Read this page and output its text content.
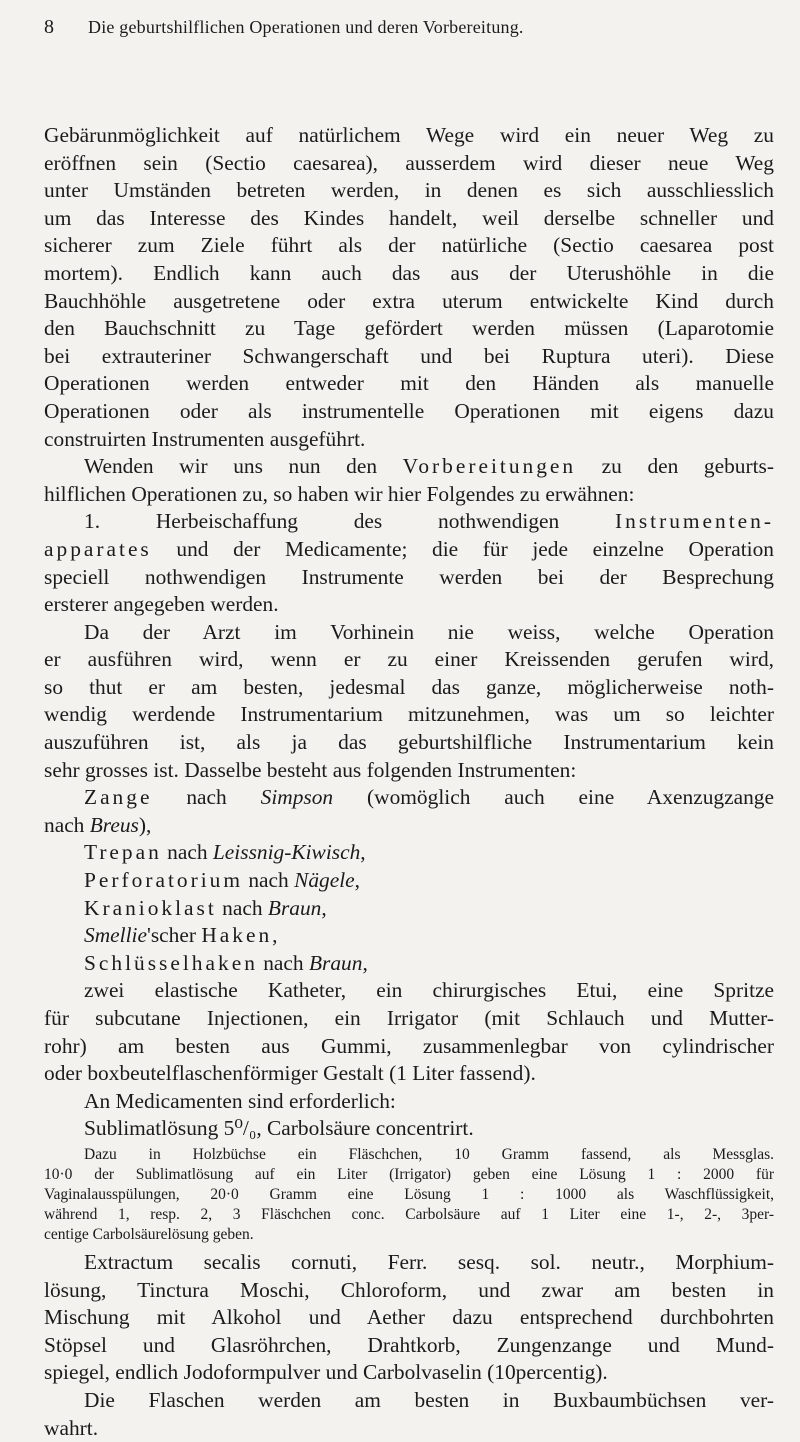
8 Die geburtshilflichen Operationen und deren Vorbereitung.
Gebärunmöglichkeit auf natürlichem Wege wird ein neuer Weg zu
eröffnen sein (Sectio caesarea), ausserdem wird dieser neue Weg
unter Umständen betreten werden, in denen es sich ausschliesslich
um das Interesse des Kindes handelt, weil derselbe schneller und
sicherer zum Ziele führt als der natürliche (Sectio caesarea post
mortem). Endlich kann auch das aus der Uterushöhle in die
Bauchhöhle ausgetretene oder extra uterum entwickelte Kind durch
den Bauchschnitt zu Tage gefördert werden müssen (Laparotomie
bei extrauteriner Schwangerschaft und bei Ruptura uteri). Diese
Operationen werden entweder mit den Händen als manuelle
Operationen oder als instrumentelle Operationen mit eigens dazu
construirten Instrumenten ausgeführt.
Wenden wir uns nun den Vorbereitungen zu den geburts-
hilflichen Operationen zu, so haben wir hier Folgendes zu erwähnen:
1. Herbeischaffung des nothwendigen Instrumenten-
apparates und der Medicamente; die für jede einzelne Operation
speciell nothwendigen Instrumente werden bei der Besprechung
ersterer angegeben werden.
Da der Arzt im Vorhinein nie weiss, welche Operation
er ausführen wird, wenn er zu einer Kreissenden gerufen wird,
so thut er am besten, jedesmal das ganze, möglicherweise noth-
wendig werdende Instrumentarium mitzunehmen, was um so leichter
auszuführen ist, als ja das geburtshilfliche Instrumentarium kein
sehr grosses ist. Dasselbe besteht aus folgenden Instrumenten:
Zange nach Simpson (womöglich auch eine Axenzugzange
nach Breus),
Trepan nach Leissnig-Kiwisch,
Perforatorium nach Nägele,
Kranioklast nach Braun,
Smellie'scher Haken,
Schlüsselhaken nach Braun,
zwei elastische Katheter, ein chirurgisches Etui, eine Spritze
für subcutane Injectionen, ein Irrigator (mit Schlauch und Mutter-
rohr) am besten aus Gummi, zusammenlegbar von cylindrischer
oder boxbeutelflaschenförmiger Gestalt (1 Liter fassend).
An Medicamenten sind erforderlich:
Sublimatlösung 5⁰/₀, Carbolsäure concentrirt.
Dazu in Holzbüchse ein Fläschchen, 10 Gramm fassend, als Messglas.
10·0 der Sublimatlösung auf ein Liter (Irrigator) geben eine Lösung 1 : 2000 für
Vaginalausspülungen, 20·0 Gramm eine Lösung 1 : 1000 als Waschflüssigkeit,
während 1, resp. 2, 3 Fläschchen conc. Carbolsäure auf 1 Liter eine 1-, 2-, 3per-
centige Carbolsäurelösung geben.
Extractum secalis cornuti, Ferr. sesq. sol. neutr., Morphium-
lösung, Tinctura Moschi, Chloroform, und zwar am besten in
Mischung mit Alkohol und Aether dazu entsprechend durchbohrten
Stöpsel und Glasröhrchen, Drahtkorb, Zungenzange und Mund-
spiegel, endlich Jodoformpulver und Carbolvaselin (10percentig).
Die Flaschen werden am besten in Buxbaumbüchsen ver-
wahrt.
